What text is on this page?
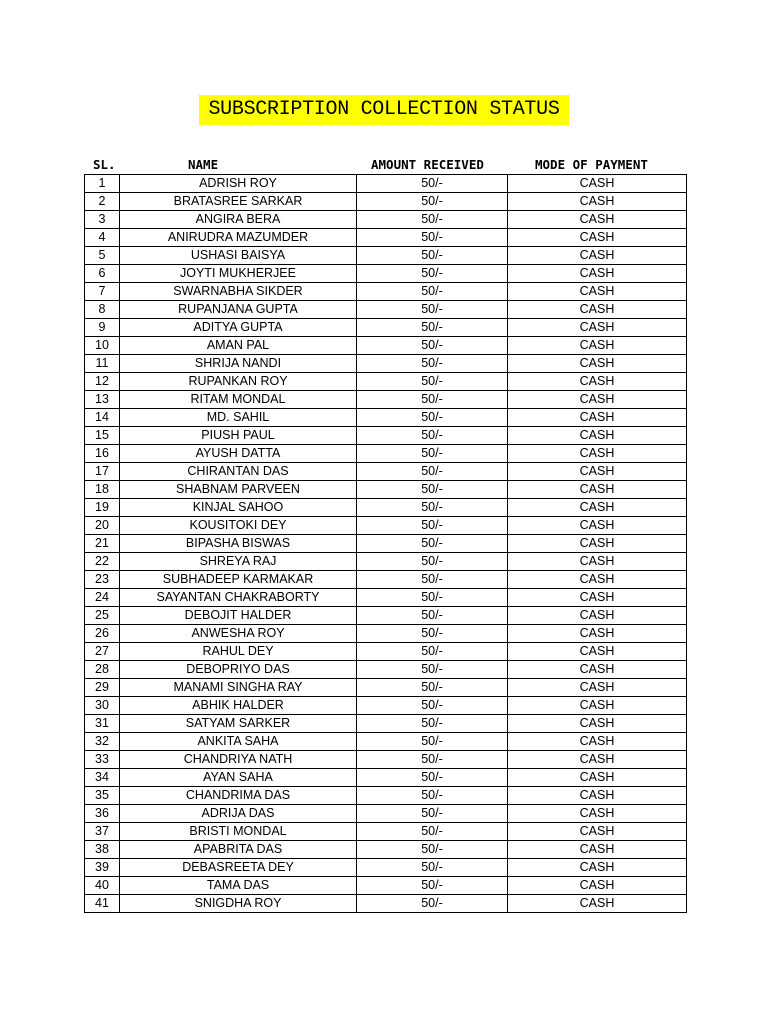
SUBSCRIPTION COLLECTION STATUS
SL.	NAME	AMOUNT RECEIVED	MODE OF PAYMENT
1	ADRISH ROY	50/-	CASH
2	BRATASREE SARKAR	50/-	CASH
3	ANGIRA BERA	50/-	CASH
4	ANIRUDRA MAZUMDER	50/-	CASH
5	USHASI BAISYA	50/-	CASH
6	JOYTI MUKHERJEE	50/-	CASH
7	SWARNABHA SIKDER	50/-	CASH
8	RUPANJANA GUPTA	50/-	CASH
9	ADITYA GUPTA	50/-	CASH
10	AMAN PAL	50/-	CASH
11	SHRIJA NANDI	50/-	CASH
12	RUPANKAN ROY	50/-	CASH
13	RITAM MONDAL	50/-	CASH
14	MD. SAHIL	50/-	CASH
15	PIUSH PAUL	50/-	CASH
16	AYUSH DATTA	50/-	CASH
17	CHIRANTAN DAS	50/-	CASH
18	SHABNAM PARVEEN	50/-	CASH
19	KINJAL SAHOO	50/-	CASH
20	KOUSITOKI DEY	50/-	CASH
21	BIPASHA BISWAS	50/-	CASH
22	SHREYA RAJ	50/-	CASH
23	SUBHADEEP KARMAKAR	50/-	CASH
24	SAYANTAN CHAKRABORTY	50/-	CASH
25	DEBOJIT HALDER	50/-	CASH
26	ANWESHA ROY	50/-	CASH
27	RAHUL DEY	50/-	CASH
28	DEBOPRIYO DAS	50/-	CASH
29	MANAMI SINGHA RAY	50/-	CASH
30	ABHIK HALDER	50/-	CASH
31	SATYAM SARKER	50/-	CASH
32	ANKITA SAHA	50/-	CASH
33	CHANDRIYA NATH	50/-	CASH
34	AYAN SAHA	50/-	CASH
35	CHANDRIMA DAS	50/-	CASH
36	ADRIJA DAS	50/-	CASH
37	BRISTI MONDAL	50/-	CASH
38	APABRITA DAS	50/-	CASH
39	DEBASREETA DEY	50/-	CASH
40	TAMA DAS	50/-	CASH
41	SNIGDHA ROY	50/-	CASH
